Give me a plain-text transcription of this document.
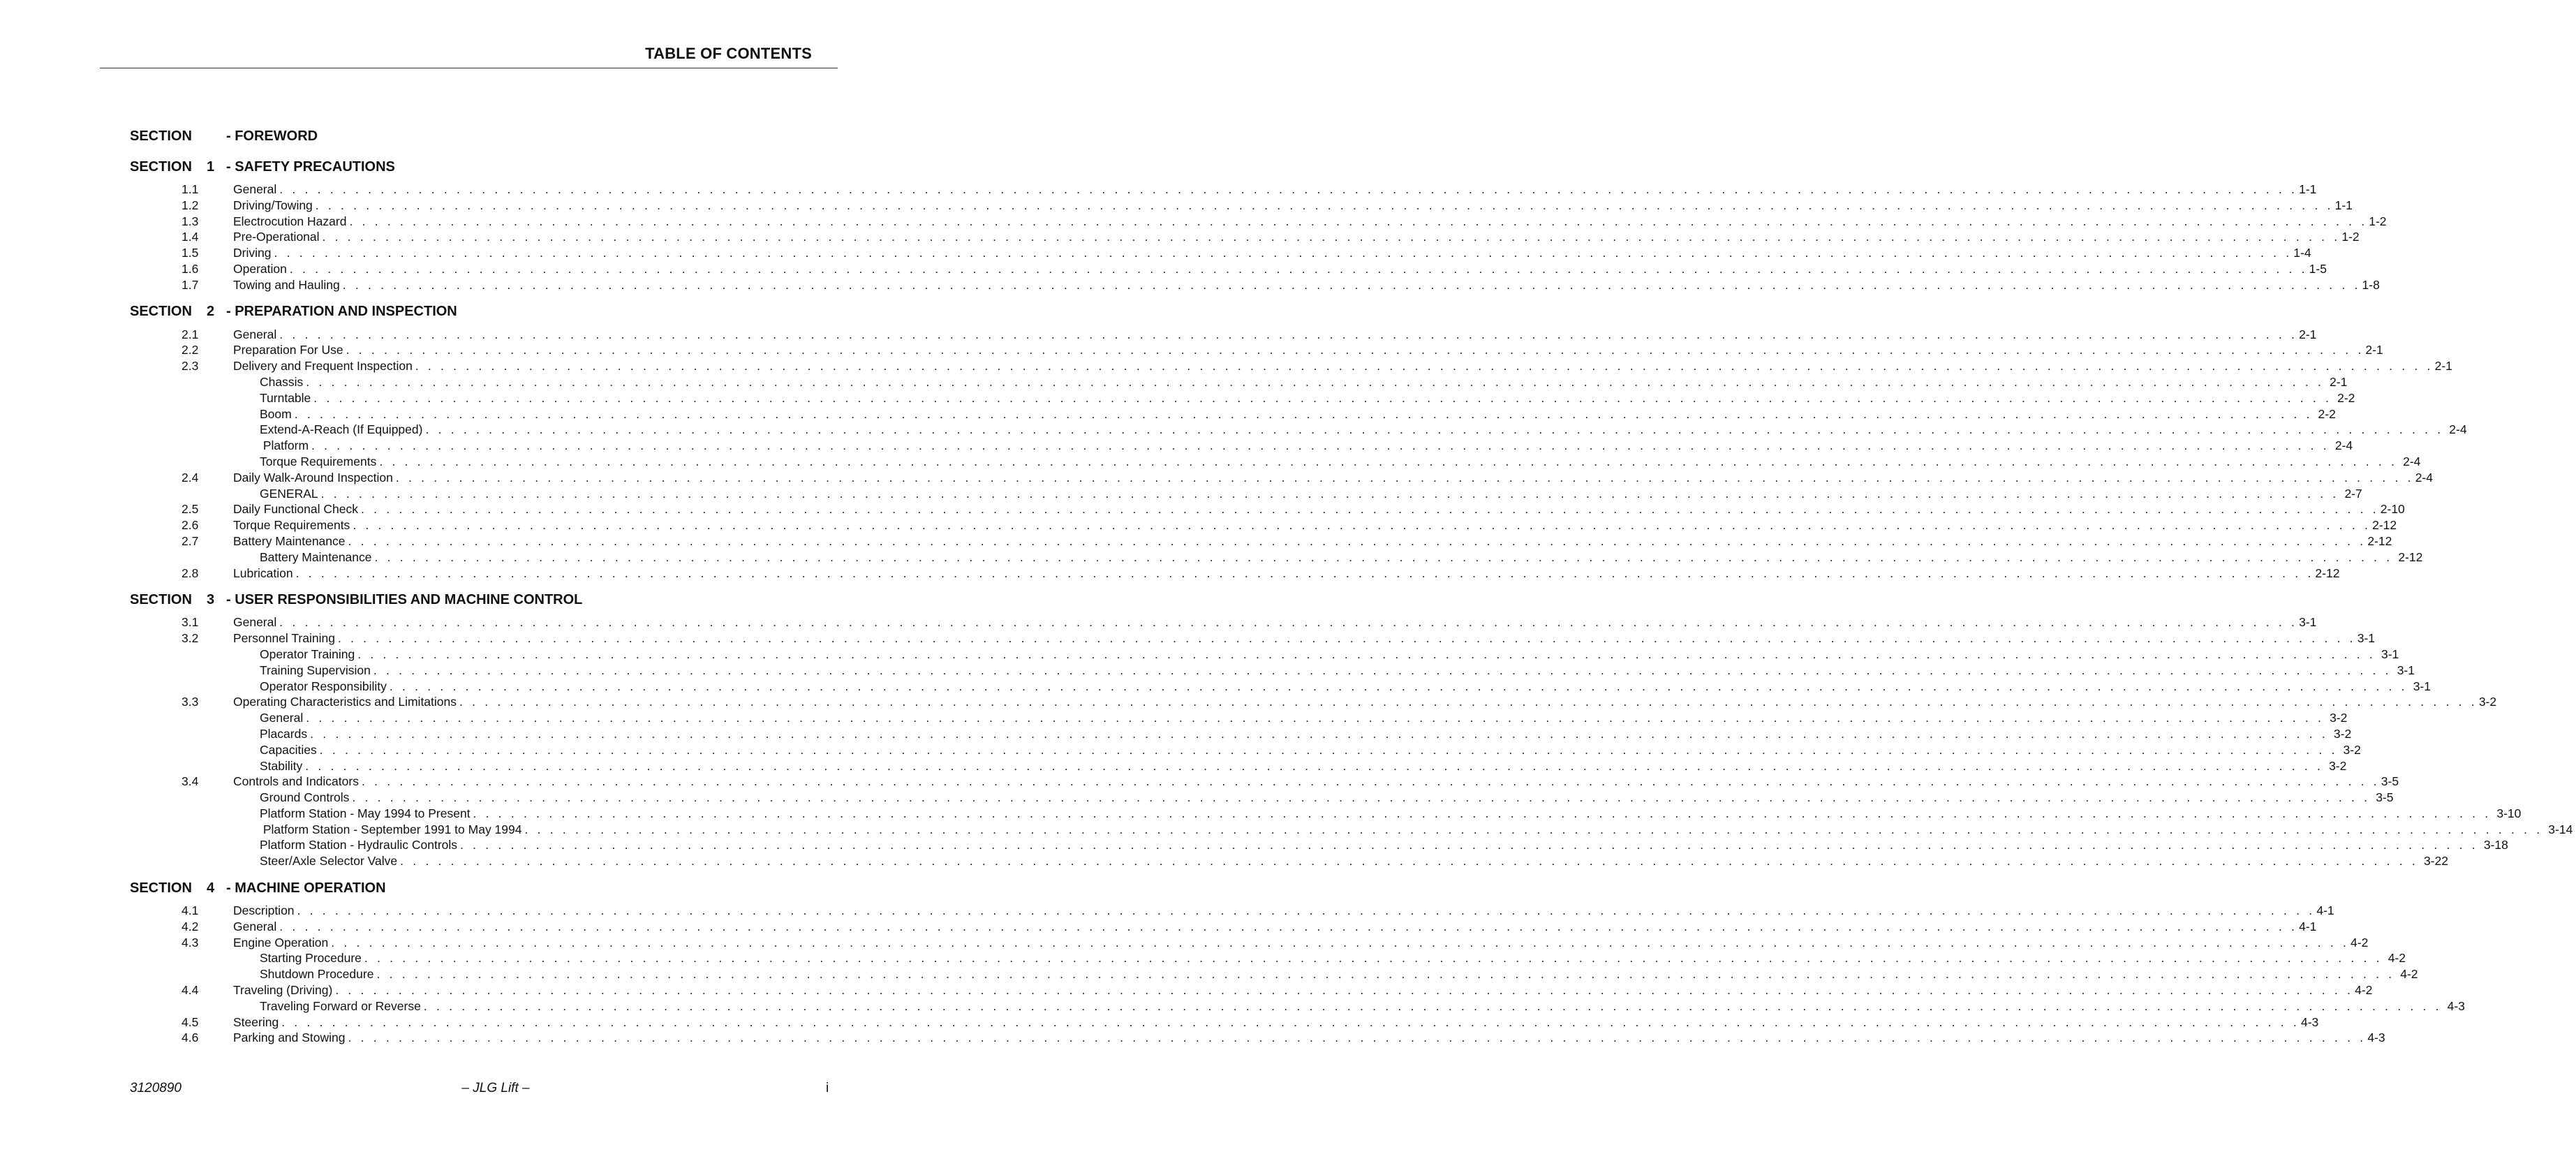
TABLE OF CONTENTS
SECTION	- FOREWORD
SECTION	1 - SAFETY PRECAUTIONS
1.1	General . . . . . . . . . . . . . . . . . . . . . . . . . . . . . . . . . . . . . . . . . . . . . . . . . . . . . . . . . . . . . . . . . . . . . . . . . . . . . . . . . . . . . . . . . . . . . . . . . . . . . . . . . . . . . . . . . . . . . . . . . . . . . . . . . . . . . . . . . . . . . . . . . . . . . . . . . . . . . . . . 1-1
1.2	Driving/Towing . . . . . . . . . . . . . . . . . . . . . . . . . . . . . . . . . . . . . . . . . . . . . . . . . . . . . . . . . . . . . . . . . . . . . . . . . . . . . . . . . . . . . . . . . . . . . . . . . . . . . . . . . . . . . . . . . . . . . . . . . . . . . . . . . . . . . . . . . . . . . . . . . . . . . . . . . . . . . . . . 1-1
1.3	Electrocution Hazard . . . . . . . . . . . . . . . . . . . . . . . . . . . . . . . . . . . . . . . . . . . . . . . . . . . . . . . . . . . . . . . . . . . . . . . . . . . . . . . . . . . . . . . . . . . . . . . . . . . . . . . . . . . . . . . . . . . . . . . . . . . . . . . . . . . . . . . . . . . . . . . . . . . . . . . . . . . . . . . . 1-2
1.4	Pre-Operational . . . . . . . . . . . . . . . . . . . . . . . . . . . . . . . . . . . . . . . . . . . . . . . . . . . . . . . . . . . . . . . . . . . . . . . . . . . . . . . . . . . . . . . . . . . . . . . . . . . . . . . . . . . . . . . . . . . . . . . . . . . . . . . . . . . . . . . . . . . . . . . . . . . . . . . . . . . . . . . . 1-2
1.5	Driving . . . . . . . . . . . . . . . . . . . . . . . . . . . . . . . . . . . . . . . . . . . . . . . . . . . . . . . . . . . . . . . . . . . . . . . . . . . . . . . . . . . . . . . . . . . . . . . . . . . . . . . . . . . . . . . . . . . . . . . . . . . . . . . . . . . . . . . . . . . . . . . . . . . . . . . . . . . . . . . . 1-4
1.6	Operation . . . . . . . . . . . . . . . . . . . . . . . . . . . . . . . . . . . . . . . . . . . . . . . . . . . . . . . . . . . . . . . . . . . . . . . . . . . . . . . . . . . . . . . . . . . . . . . . . . . . . . . . . . . . . . . . . . . . . . . . . . . . . . . . . . . . . . . . . . . . . . . . . . . . . . . . . . . . . . . . 1-5
1.7	Towing and Hauling . . . . . . . . . . . . . . . . . . . . . . . . . . . . . . . . . . . . . . . . . . . . . . . . . . . . . . . . . . . . . . . . . . . . . . . . . . . . . . . . . . . . . . . . . . . . . . . . . . . . . . . . . . . . . . . . . . . . . . . . . . . . . . . . . . . . . . . . . . . . . . . . . . . . . . . . . . . . . . . . 1-8
SECTION	2 - PREPARATION AND INSPECTION
2.1	General . . . . . . . . . . . . . . . . . . . . . . . . . . . . . . . . . . . . . . . . . . . . . . . . . . . . . . . . . . . . . . . . . . . . . . . . . . . . . . . . . . . . . . . . . . . . . . . . . . . . . . . . . . . . . . . . . . . . . . . . . . . . . . . . . . . . . . . . . . . . . . . . . . . . . . . . . . . . . . . . 2-1
2.2	Preparation For Use . . . . . . . . . . . . . . . . . . . . . . . . . . . . . . . . . . . . . . . . . . . . . . . . . . . . . . . . . . . . . . . . . . . . . . . . . . . . . . . . . . . . . . . . . . . . . . . . . . . . . . . . . . . . . . . . . . . . . . . . . . . . . . . . . . . . . . . . . . . . . . . . . . . . . . . . . . . . . . . . 2-1
2.3	Delivery and Frequent Inspection . . . . . . . . . . . . . . . . . . . . . . . . . . . . . . . . . . . . . . . . . . . . . . . . . . . . . . . . . . . . . . . . . . . . . . . . . . . . . . . . . . . . . . . . . . . . . . . . . . . . . . . . . . . . . . . . . . . . . . . . . . . . . . . . . . . . . . . . . . . . . . . . . . . . . . . . . . . . . . . . 2-1
Chassis . . . . . . . . . . . . . . . . . . . . . . . . . . . . . . . . . . . . . . . . . . . . . . . . . . . . . . . . . . . . . . . . . . . . . . . . . . . . . . . . . . . . . . . . . . . . . . . . . . . . . . . . . . . . . . . . . . . . . . . . . . . . . . . . . . . . . . . . . . . . . . . . . . . . . . . . . . . . . . . . 2-1
Turntable . . . . . . . . . . . . . . . . . . . . . . . . . . . . . . . . . . . . . . . . . . . . . . . . . . . . . . . . . . . . . . . . . . . . . . . . . . . . . . . . . . . . . . . . . . . . . . . . . . . . . . . . . . . . . . . . . . . . . . . . . . . . . . . . . . . . . . . . . . . . . . . . . . . . . . . . . . . . . . . . 2-2
Boom . . . . . . . . . . . . . . . . . . . . . . . . . . . . . . . . . . . . . . . . . . . . . . . . . . . . . . . . . . . . . . . . . . . . . . . . . . . . . . . . . . . . . . . . . . . . . . . . . . . . . . . . . . . . . . . . . . . . . . . . . . . . . . . . . . . . . . . . . . . . . . . . . . . . . . . . . . . . . . . . 2-2
Extend-A-Reach (If Equipped) . . . . . . . . . . . . . . . . . . . . . . . . . . . . . . . . . . . . . . . . . . . . . . . . . . . . . . . . . . . . . . . . . . . . . . . . . . . . . . . . . . . . . . . . . . . . . . . . . . . . . . . . . . . . . . . . . . . . . . . . . . . . . . . . . . . . . . . . . . . . . . . . . . . . . . . . . . . . . . . . 2-4
Platform . . . . . . . . . . . . . . . . . . . . . . . . . . . . . . . . . . . . . . . . . . . . . . . . . . . . . . . . . . . . . . . . . . . . . . . . . . . . . . . . . . . . . . . . . . . . . . . . . . . . . . . . . . . . . . . . . . . . . . . . . . . . . . . . . . . . . . . . . . . . . . . . . . . . . . . . . . . . . . . . 2-4
Torque Requirements . . . . . . . . . . . . . . . . . . . . . . . . . . . . . . . . . . . . . . . . . . . . . . . . . . . . . . . . . . . . . . . . . . . . . . . . . . . . . . . . . . . . . . . . . . . . . . . . . . . . . . . . . . . . . . . . . . . . . . . . . . . . . . . . . . . . . . . . . . . . . . . . . . . . . . . . . . . . . . . . 2-4
2.4	Daily Walk-Around Inspection . . . . . . . . . . . . . . . . . . . . . . . . . . . . . . . . . . . . . . . . . . . . . . . . . . . . . . . . . . . . . . . . . . . . . . . . . . . . . . . . . . . . . . . . . . . . . . . . . . . . . . . . . . . . . . . . . . . . . . . . . . . . . . . . . . . . . . . . . . . . . . . . . . . . . . . . . . . . . . . . 2-4
GENERAL . . . . . . . . . . . . . . . . . . . . . . . . . . . . . . . . . . . . . . . . . . . . . . . . . . . . . . . . . . . . . . . . . . . . . . . . . . . . . . . . . . . . . . . . . . . . . . . . . . . . . . . . . . . . . . . . . . . . . . . . . . . . . . . . . . . . . . . . . . . . . . . . . . . . . . . . . . . . . . . . 2-7
2.5	Daily Functional Check . . . . . . . . . . . . . . . . . . . . . . . . . . . . . . . . . . . . . . . . . . . . . . . . . . . . . . . . . . . . . . . . . . . . . . . . . . . . . . . . . . . . . . . . . . . . . . . . . . . . . . . . . . . . . . . . . . . . . . . . . . . . . . . . . . . . . . . . . . . . . . . . . . . . . . . . . . . . . . . . 2-10
2.6	Torque Requirements . . . . . . . . . . . . . . . . . . . . . . . . . . . . . . . . . . . . . . . . . . . . . . . . . . . . . . . . . . . . . . . . . . . . . . . . . . . . . . . . . . . . . . . . . . . . . . . . . . . . . . . . . . . . . . . . . . . . . . . . . . . . . . . . . . . . . . . . . . . . . . . . . . . . . . . . . . . . . . . . 2-12
2.7	Battery Maintenance . . . . . . . . . . . . . . . . . . . . . . . . . . . . . . . . . . . . . . . . . . . . . . . . . . . . . . . . . . . . . . . . . . . . . . . . . . . . . . . . . . . . . . . . . . . . . . . . . . . . . . . . . . . . . . . . . . . . . . . . . . . . . . . . . . . . . . . . . . . . . . . . . . . . . . . . . . . . . . . . 2-12
Battery Maintenance . . . . . . . . . . . . . . . . . . . . . . . . . . . . . . . . . . . . . . . . . . . . . . . . . . . . . . . . . . . . . . . . . . . . . . . . . . . . . . . . . . . . . . . . . . . . . . . . . . . . . . . . . . . . . . . . . . . . . . . . . . . . . . . . . . . . . . . . . . . . . . . . . . . . . . . . . . . . . . . . 2-12
2.8	Lubrication . . . . . . . . . . . . . . . . . . . . . . . . . . . . . . . . . . . . . . . . . . . . . . . . . . . . . . . . . . . . . . . . . . . . . . . . . . . . . . . . . . . . . . . . . . . . . . . . . . . . . . . . . . . . . . . . . . . . . . . . . . . . . . . . . . . . . . . . . . . . . . . . . . . . . . . . . . . . . . . . 2-12
SECTION	3 - USER RESPONSIBILITIES AND MACHINE CONTROL
3.1	General . . . . . . . . . . . . . . . . . . . . . . . . . . . . . . . . . . . . . . . . . . . . . . . . . . . . . . . . . . . . . . . . . . . . . . . . . . . . . . . . . . . . . . . . . . . . . . . . . . . . . . . . . . . . . . . . . . . . . . . . . . . . . . . . . . . . . . . . . . . . . . . . . . . . . . . . . . . . . . . . 3-1
3.2	Personnel Training . . . . . . . . . . . . . . . . . . . . . . . . . . . . . . . . . . . . . . . . . . . . . . . . . . . . . . . . . . . . . . . . . . . . . . . . . . . . . . . . . . . . . . . . . . . . . . . . . . . . . . . . . . . . . . . . . . . . . . . . . . . . . . . . . . . . . . . . . . . . . . . . . . . . . . . . . . . . . . . . 3-1
Operator Training . . . . . . . . . . . . . . . . . . . . . . . . . . . . . . . . . . . . . . . . . . . . . . . . . . . . . . . . . . . . . . . . . . . . . . . . . . . . . . . . . . . . . . . . . . . . . . . . . . . . . . . . . . . . . . . . . . . . . . . . . . . . . . . . . . . . . . . . . . . . . . . . . . . . . . . . . . . . . . . . 3-1
Training Supervision . . . . . . . . . . . . . . . . . . . . . . . . . . . . . . . . . . . . . . . . . . . . . . . . . . . . . . . . . . . . . . . . . . . . . . . . . . . . . . . . . . . . . . . . . . . . . . . . . . . . . . . . . . . . . . . . . . . . . . . . . . . . . . . . . . . . . . . . . . . . . . . . . . . . . . . . . . . . . . . . 3-1
Operator Responsibility . . . . . . . . . . . . . . . . . . . . . . . . . . . . . . . . . . . . . . . . . . . . . . . . . . . . . . . . . . . . . . . . . . . . . . . . . . . . . . . . . . . . . . . . . . . . . . . . . . . . . . . . . . . . . . . . . . . . . . . . . . . . . . . . . . . . . . . . . . . . . . . . . . . . . . . . . . . . . . . . 3-1
3.3	Operating Characteristics and Limitations . . . . . . . . . . . . . . . . . . . . . . . . . . . . . . . . . . . . . . . . . . . . . . . . . . . . . . . . . . . . . . . . . . . . . . . . . . . . . . . . . . . . . . . . . . . . . . . . . . . . . . . . . . . . . . . . . . . . . . . . . . . . . . . . . . . . . . . . . . . . . . . . . . . . . . . . . . . . . . . . 3-2
General . . . . . . . . . . . . . . . . . . . . . . . . . . . . . . . . . . . . . . . . . . . . . . . . . . . . . . . . . . . . . . . . . . . . . . . . . . . . . . . . . . . . . . . . . . . . . . . . . . . . . . . . . . . . . . . . . . . . . . . . . . . . . . . . . . . . . . . . . . . . . . . . . . . . . . . . . . . . . . . . 3-2
Placards . . . . . . . . . . . . . . . . . . . . . . . . . . . . . . . . . . . . . . . . . . . . . . . . . . . . . . . . . . . . . . . . . . . . . . . . . . . . . . . . . . . . . . . . . . . . . . . . . . . . . . . . . . . . . . . . . . . . . . . . . . . . . . . . . . . . . . . . . . . . . . . . . . . . . . . . . . . . . . . . 3-2
Capacities . . . . . . . . . . . . . . . . . . . . . . . . . . . . . . . . . . . . . . . . . . . . . . . . . . . . . . . . . . . . . . . . . . . . . . . . . . . . . . . . . . . . . . . . . . . . . . . . . . . . . . . . . . . . . . . . . . . . . . . . . . . . . . . . . . . . . . . . . . . . . . . . . . . . . . . . . . . . . . . . 3-2
Stability . . . . . . . . . . . . . . . . . . . . . . . . . . . . . . . . . . . . . . . . . . . . . . . . . . . . . . . . . . . . . . . . . . . . . . . . . . . . . . . . . . . . . . . . . . . . . . . . . . . . . . . . . . . . . . . . . . . . . . . . . . . . . . . . . . . . . . . . . . . . . . . . . . . . . . . . . . . . . . . . 3-2
3.4	Controls and Indicators . . . . . . . . . . . . . . . . . . . . . . . . . . . . . . . . . . . . . . . . . . . . . . . . . . . . . . . . . . . . . . . . . . . . . . . . . . . . . . . . . . . . . . . . . . . . . . . . . . . . . . . . . . . . . . . . . . . . . . . . . . . . . . . . . . . . . . . . . . . . . . . . . . . . . . . . . . . . . . . . 3-5
Ground Controls . . . . . . . . . . . . . . . . . . . . . . . . . . . . . . . . . . . . . . . . . . . . . . . . . . . . . . . . . . . . . . . . . . . . . . . . . . . . . . . . . . . . . . . . . . . . . . . . . . . . . . . . . . . . . . . . . . . . . . . . . . . . . . . . . . . . . . . . . . . . . . . . . . . . . . . . . . . . . . . . 3-5
Platform Station - May 1994 to Present . . . . . . . . . . . . . . . . . . . . . . . . . . . . . . . . . . . . . . . . . . . . . . . . . . . . . . . . . . . . . . . . . . . . . . . . . . . . . . . . . . . . . . . . . . . . . . . . . . . . . . . . . . . . . . . . . . . . . . . . . . . . . . . . . . . . . . . . . . . . . . . . . . . . . . . . . . . . . . . . 3-10
Platform Station - September 1991 to May 1994 . . . . . . . . . . . . . . . . . . . . . . . . . . . . . . . . . . . . . . . . . . . . . . . . . . . . . . . . . . . . . . . . . . . . . . . . . . . . . . . . . . . . . . . . . . . . . . . . . . . . . . . . . . . . . . . . . . . . . . . . . . . . . . . . . . . . . . . . . . . . . . . . . . . . . . . . . . . . . . . . 3-14
Platform Station - Hydraulic Controls . . . . . . . . . . . . . . . . . . . . . . . . . . . . . . . . . . . . . . . . . . . . . . . . . . . . . . . . . . . . . . . . . . . . . . . . . . . . . . . . . . . . . . . . . . . . . . . . . . . . . . . . . . . . . . . . . . . . . . . . . . . . . . . . . . . . . . . . . . . . . . . . . . . . . . . . . . . . . . . . 3-18
Steer/Axle Selector Valve . . . . . . . . . . . . . . . . . . . . . . . . . . . . . . . . . . . . . . . . . . . . . . . . . . . . . . . . . . . . . . . . . . . . . . . . . . . . . . . . . . . . . . . . . . . . . . . . . . . . . . . . . . . . . . . . . . . . . . . . . . . . . . . . . . . . . . . . . . . . . . . . . . . . . . . . . . . . . . . . 3-22
SECTION	4 - MACHINE OPERATION
4.1	Description . . . . . . . . . . . . . . . . . . . . . . . . . . . . . . . . . . . . . . . . . . . . . . . . . . . . . . . . . . . . . . . . . . . . . . . . . . . . . . . . . . . . . . . . . . . . . . . . . . . . . . . . . . . . . . . . . . . . . . . . . . . . . . . . . . . . . . . . . . . . . . . . . . . . . . . . . . . . . . . . 4-1
4.2	General . . . . . . . . . . . . . . . . . . . . . . . . . . . . . . . . . . . . . . . . . . . . . . . . . . . . . . . . . . . . . . . . . . . . . . . . . . . . . . . . . . . . . . . . . . . . . . . . . . . . . . . . . . . . . . . . . . . . . . . . . . . . . . . . . . . . . . . . . . . . . . . . . . . . . . . . . . . . . . . . 4-1
4.3	Engine Operation . . . . . . . . . . . . . . . . . . . . . . . . . . . . . . . . . . . . . . . . . . . . . . . . . . . . . . . . . . . . . . . . . . . . . . . . . . . . . . . . . . . . . . . . . . . . . . . . . . . . . . . . . . . . . . . . . . . . . . . . . . . . . . . . . . . . . . . . . . . . . . . . . . . . . . . . . . . . . . . . 4-2
Starting Procedure . . . . . . . . . . . . . . . . . . . . . . . . . . . . . . . . . . . . . . . . . . . . . . . . . . . . . . . . . . . . . . . . . . . . . . . . . . . . . . . . . . . . . . . . . . . . . . . . . . . . . . . . . . . . . . . . . . . . . . . . . . . . . . . . . . . . . . . . . . . . . . . . . . . . . . . . . . . . . . . . 4-2
Shutdown Procedure . . . . . . . . . . . . . . . . . . . . . . . . . . . . . . . . . . . . . . . . . . . . . . . . . . . . . . . . . . . . . . . . . . . . . . . . . . . . . . . . . . . . . . . . . . . . . . . . . . . . . . . . . . . . . . . . . . . . . . . . . . . . . . . . . . . . . . . . . . . . . . . . . . . . . . . . . . . . . . . . 4-2
4.4	Traveling (Driving) . . . . . . . . . . . . . . . . . . . . . . . . . . . . . . . . . . . . . . . . . . . . . . . . . . . . . . . . . . . . . . . . . . . . . . . . . . . . . . . . . . . . . . . . . . . . . . . . . . . . . . . . . . . . . . . . . . . . . . . . . . . . . . . . . . . . . . . . . . . . . . . . . . . . . . . . . . . . . . . . 4-2
Traveling Forward or Reverse . . . . . . . . . . . . . . . . . . . . . . . . . . . . . . . . . . . . . . . . . . . . . . . . . . . . . . . . . . . . . . . . . . . . . . . . . . . . . . . . . . . . . . . . . . . . . . . . . . . . . . . . . . . . . . . . . . . . . . . . . . . . . . . . . . . . . . . . . . . . . . . . . . . . . . . . . . . . . . . . 4-3
4.5	Steering . . . . . . . . . . . . . . . . . . . . . . . . . . . . . . . . . . . . . . . . . . . . . . . . . . . . . . . . . . . . . . . . . . . . . . . . . . . . . . . . . . . . . . . . . . . . . . . . . . . . . . . . . . . . . . . . . . . . . . . . . . . . . . . . . . . . . . . . . . . . . . . . . . . . . . . . . . . . . . . . 4-3
4.6	Parking and Stowing . . . . . . . . . . . . . . . . . . . . . . . . . . . . . . . . . . . . . . . . . . . . . . . . . . . . . . . . . . . . . . . . . . . . . . . . . . . . . . . . . . . . . . . . . . . . . . . . . . . . . . . . . . . . . . . . . . . . . . . . . . . . . . . . . . . . . . . . . . . . . . . . . . . . . . . . . . . . . . . . 4-3
3120890	– JLG Lift –	i
